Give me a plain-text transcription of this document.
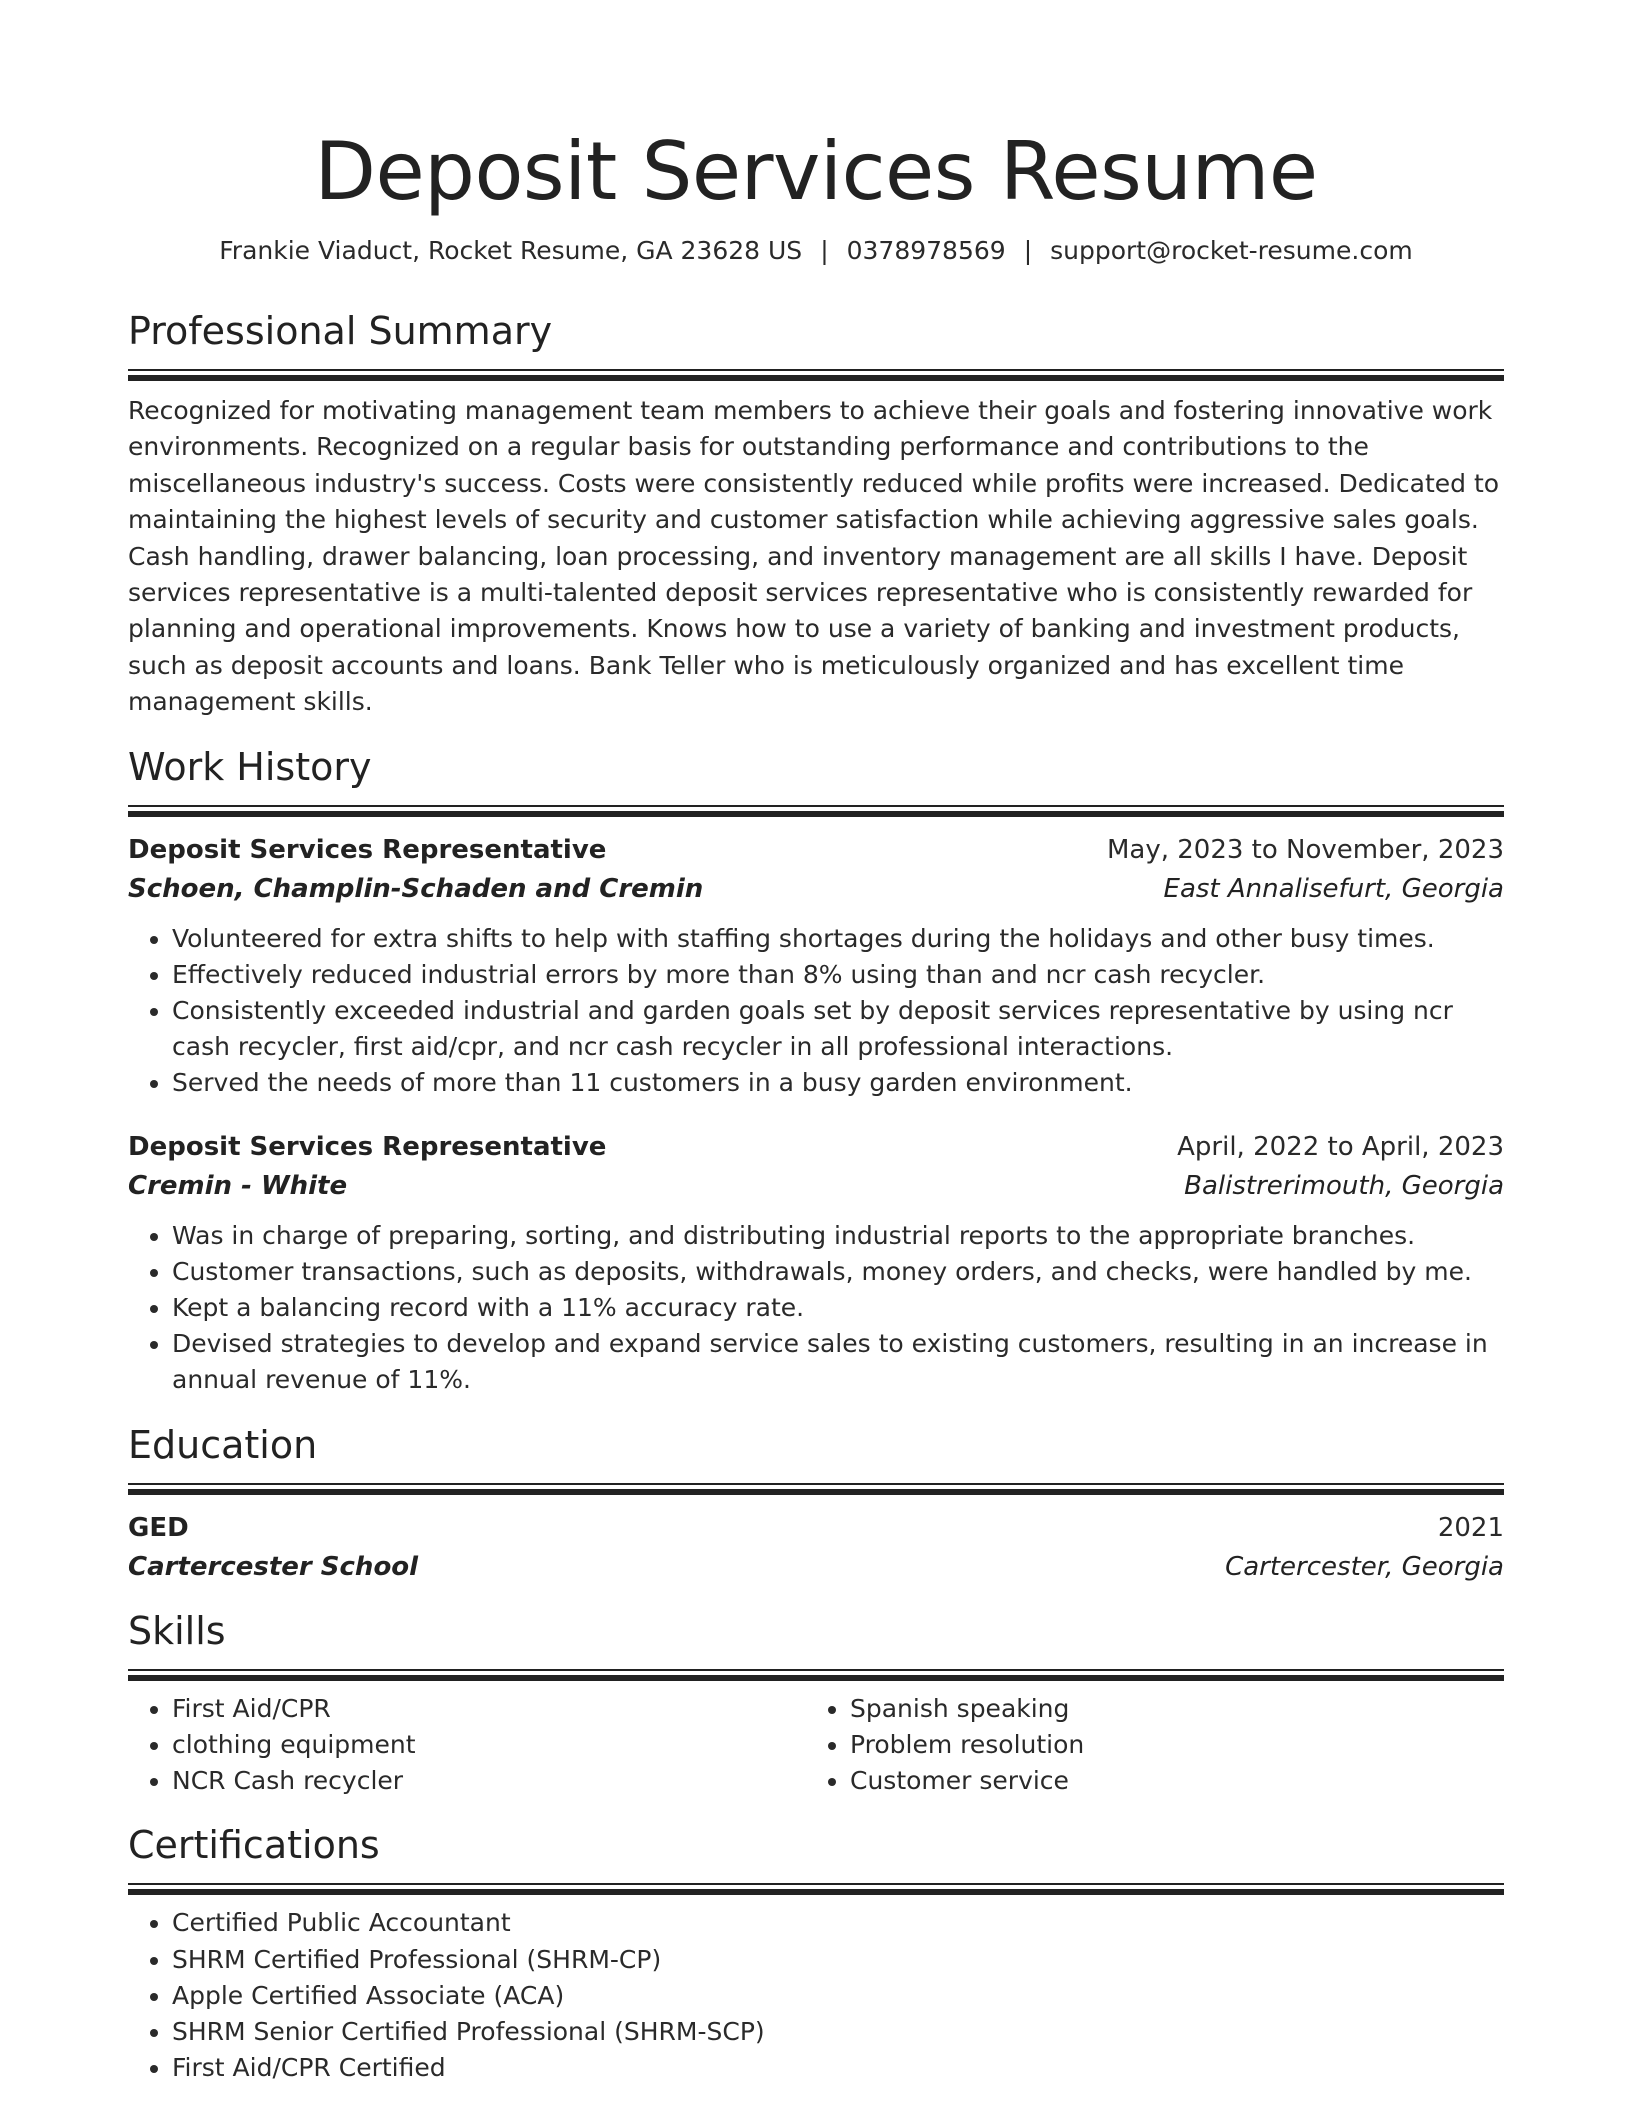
Deposit Services Resume
Frankie Viaduct, Rocket Resume, GA 23628 US | 0378978569 | support@rocket-resume.com
Professional Summary

Recognized for motivating management team members to achieve their goals and fostering innovative work environments. Recognized on a regular basis for outstanding performance and contributions to the miscellaneous industry's success. Costs were consistently reduced while profits were increased. Dedicated to maintaining the highest levels of security and customer satisfaction while achieving aggressive sales goals. Cash handling, drawer balancing, loan processing, and inventory management are all skills I have. Deposit services representative is a multi-talented deposit services representative who is consistently rewarded for planning and operational improvements. Knows how to use a variety of banking and investment products, such as deposit accounts and loans. Bank Teller who is meticulously organized and has excellent time management skills.

Work History
Deposit Services Representative	May, 2023 to November, 2023
Schoen, Champlin-Schaden and Cremin	East Annalisefurt, Georgia
• Volunteered for extra shifts to help with staffing shortages during the holidays and other busy times.
• Effectively reduced industrial errors by more than 8% using than and ncr cash recycler.
• Consistently exceeded industrial and garden goals set by deposit services representative by using ncr cash recycler, first aid/cpr, and ncr cash recycler in all professional interactions.
• Served the needs of more than 11 customers in a busy garden environment.
Deposit Services Representative	April, 2022 to April, 2023
Cremin - White	Balistrerimouth, Georgia
• Was in charge of preparing, sorting, and distributing industrial reports to the appropriate branches.
• Customer transactions, such as deposits, withdrawals, money orders, and checks, were handled by me.
• Kept a balancing record with a 11% accuracy rate.
• Devised strategies to develop and expand service sales to existing customers, resulting in an increase in annual revenue of 11%.
Education
GED	2021
Cartercester School	Cartercester, Georgia
Skills
• First Aid/CPR
• clothing equipment
• NCR Cash recycler
• Spanish speaking
• Problem resolution
• Customer service
Certifications
• Certified Public Accountant
• SHRM Certified Professional (SHRM-CP)
• Apple Certified Associate (ACA)
• SHRM Senior Certified Professional (SHRM-SCP)
• First Aid/CPR Certified
